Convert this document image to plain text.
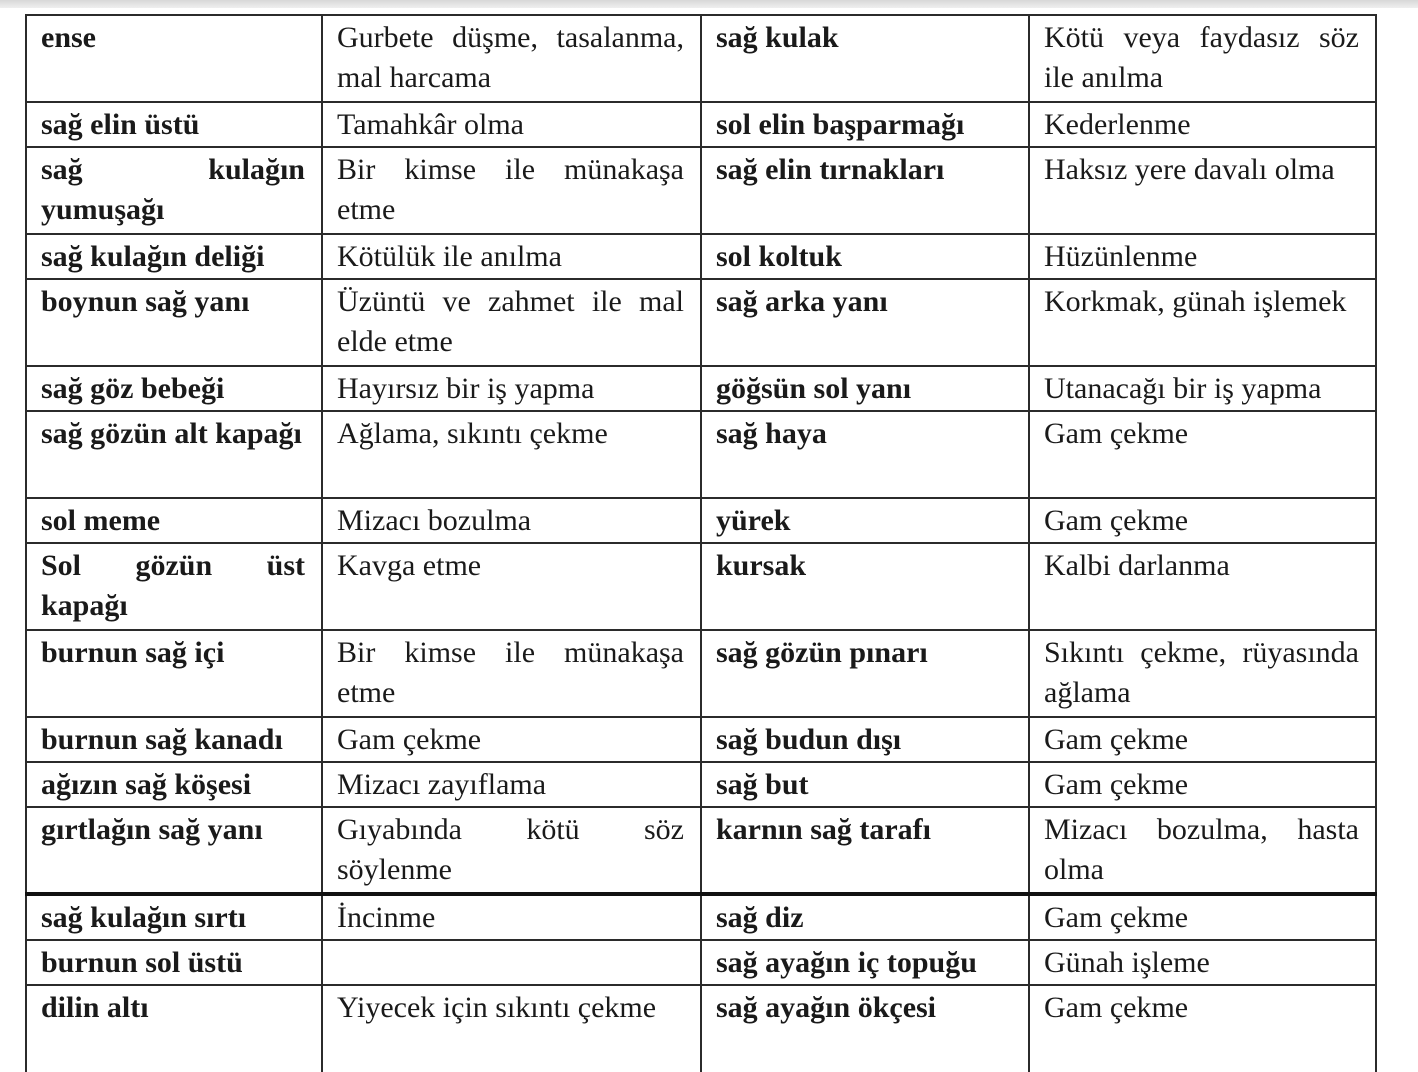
ense	Gurbete düşme, tasalanma, mal harcama	sağ kulak	Kötü veya faydasız söz ile anılma
sağ elin üstü	Tamahkâr olma	sol elin başparmağı	Kederlenme
sağ kulağın yumuşağı	Bir kimse ile münakaşa etme	sağ elin tırnakları	Haksız yere davalı olma
sağ kulağın deliği	Kötülük ile anılma	sol koltuk	Hüzünlenme
boynun sağ yanı	Üzüntü ve zahmet ile mal elde etme	sağ arka yanı	Korkmak, günah işlemek
sağ göz bebeği	Hayırsız bir iş yapma	göğsün sol yanı	Utanacağı bir iş yapma
sağ gözün alt kapağı	Ağlama, sıkıntı çekme	sağ haya	Gam çekme
sol meme	Mizacı bozulma	yürek	Gam çekme
Sol gözün üst kapağı	Kavga etme	kursak	Kalbi darlanma
burnun sağ içi	Bir kimse ile münakaşa etme	sağ gözün pınarı	Sıkıntı çekme, rüyasında ağlama
burnun sağ kanadı	Gam çekme	sağ budun dışı	Gam çekme
ağızın sağ köşesi	Mizacı zayıflama	sağ but	Gam çekme
gırtlağın sağ yanı	Gıyabında kötü söz söylenme	karnın sağ tarafı	Mizacı bozulma, hasta olma
sağ kulağın sırtı	İncinme	sağ diz	Gam çekme
burnun sol üstü		sağ ayağın iç topuğu	Günah işleme
dilin altı	Yiyecek için sıkıntı çekme	sağ ayağın ökçesi	Gam çekme
